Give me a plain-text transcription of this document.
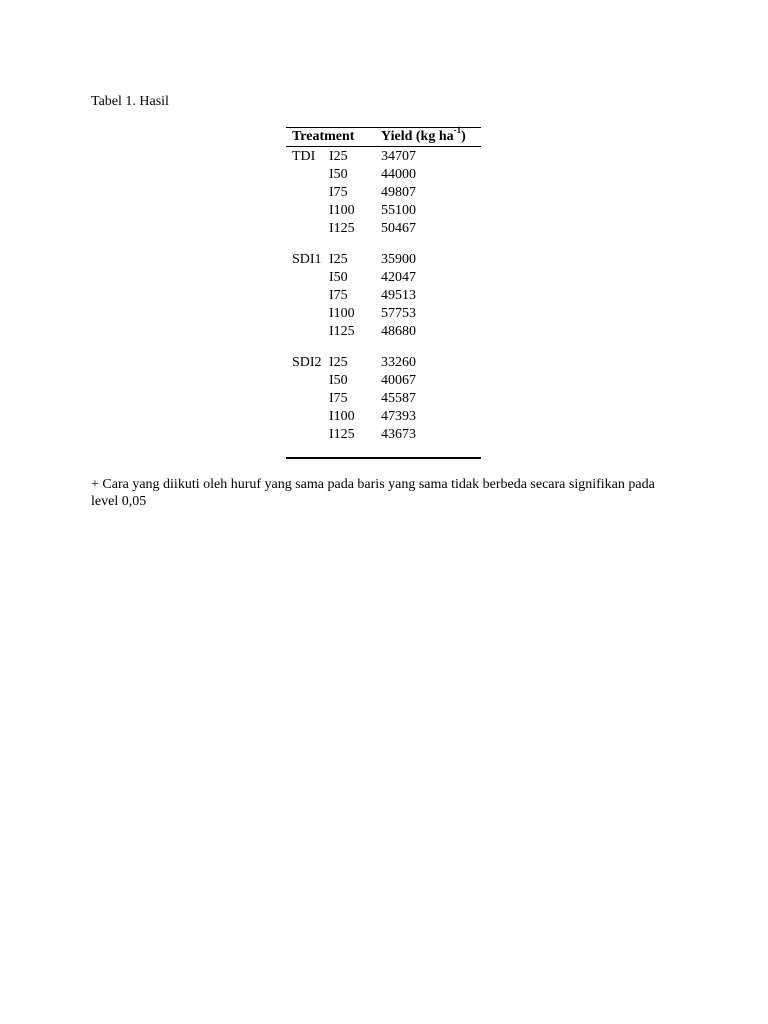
Tabel 1. Hasil

Treatment	Yield (kg $ha^{-1}$)
TDI I25	34707
I50	44000
I75	49807
I100	55100
I125	50467
SDI1 I25	35900
I50	42047
I75	49513
I100	57753
I125	48680
SDI2 I25	33260
I50	40067
I75	45587
I100	47393
I125	43673

+ Cara yang diikuti oleh huruf yang sama pada baris yang sama tidak berbeda secara signifikan pada level 0,05
